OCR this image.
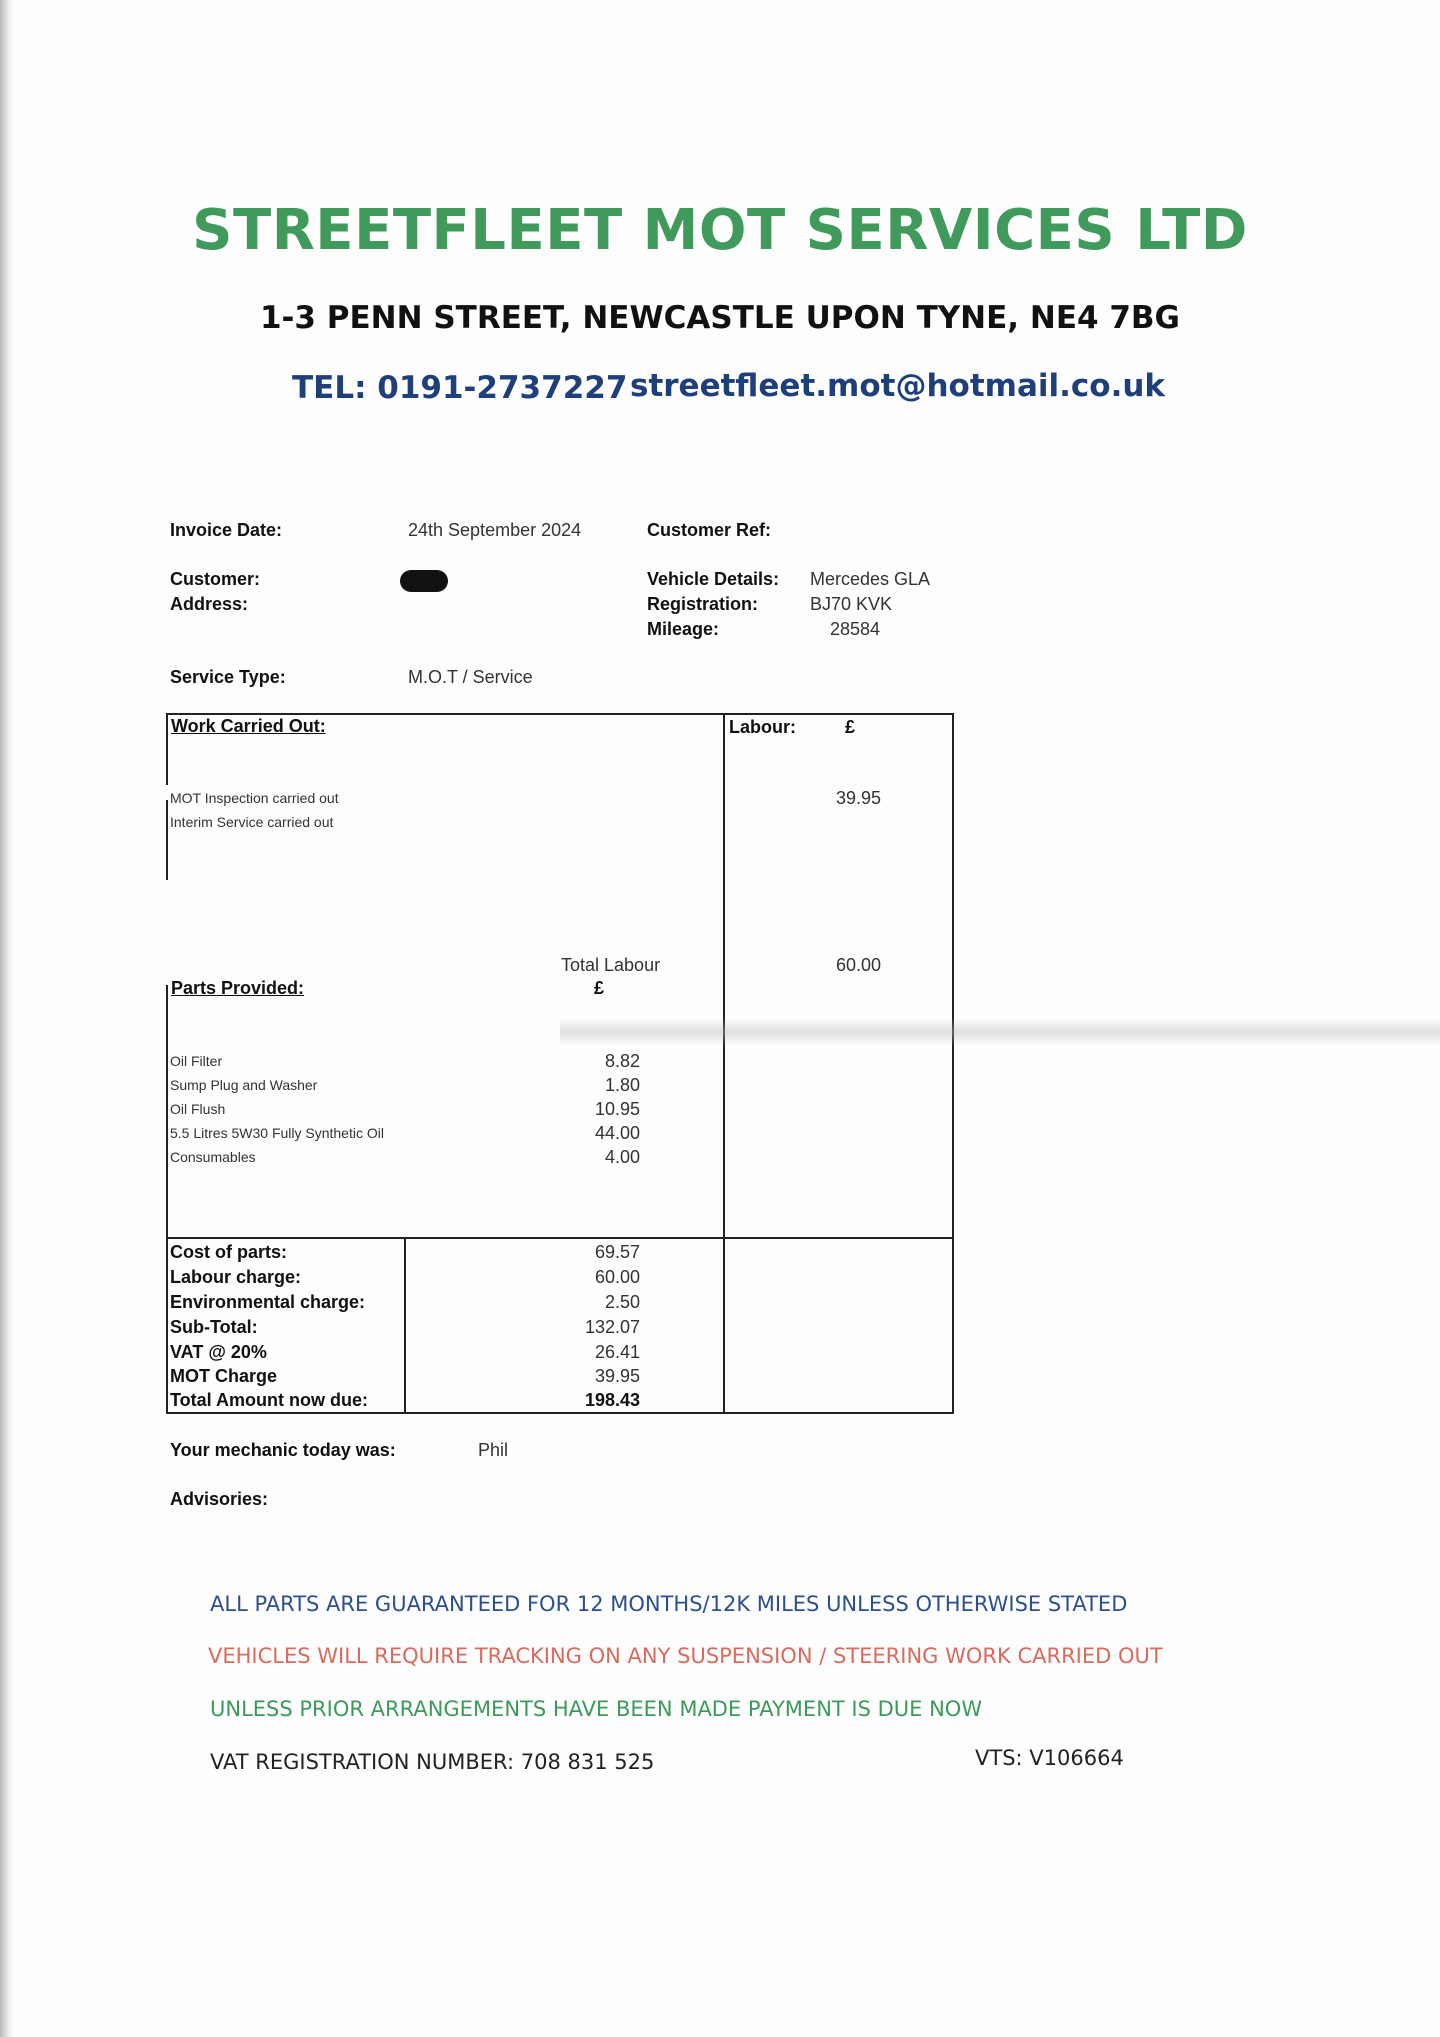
STREETFLEET MOT SERVICES LTD
1-3 PENN STREET, NEWCASTLE UPON TYNE, NE4 7BG
TEL: 0191-2737227 streetfleet.mot@hotmail.co.uk
Invoice Date:	24th September 2024	Customer Ref:
Customer:
Address:
Vehicle Details: Mercedes GLA
Registration:	BJ70 KVK
Mileage:	28584
Service Type:	M.O.T / Service
Work Carried Out:	Labour:	£
MOT Inspection carried out	39.95
Interim Service carried out
Total Labour	60.00
Parts Provided:	£
Oil Filter	8.82
Sump Plug and Washer	1.80
Oil Flush	10.95
5.5 Litres 5W30 Fully Synthetic Oil	44.00
Consumables	4.00
Cost of parts:	69.57
Labour charge:	60.00
Environmental charge:	2.50
Sub-Total:	132.07
VAT @ 20%	26.41
MOT Charge	39.95
Total Amount now due:	198.43
Your mechanic today was:	Phil
Advisories:
ALL PARTS ARE GUARANTEED FOR 12 MONTHS/12K MILES UNLESS OTHERWISE STATED
VEHICLES WILL REQUIRE TRACKING ON ANY SUSPENSION / STEERING WORK CARRIED OUT
UNLESS PRIOR ARRANGEMENTS HAVE BEEN MADE PAYMENT IS DUE NOW
VAT REGISTRATION NUMBER: 708 831 525	VTS: V106664
